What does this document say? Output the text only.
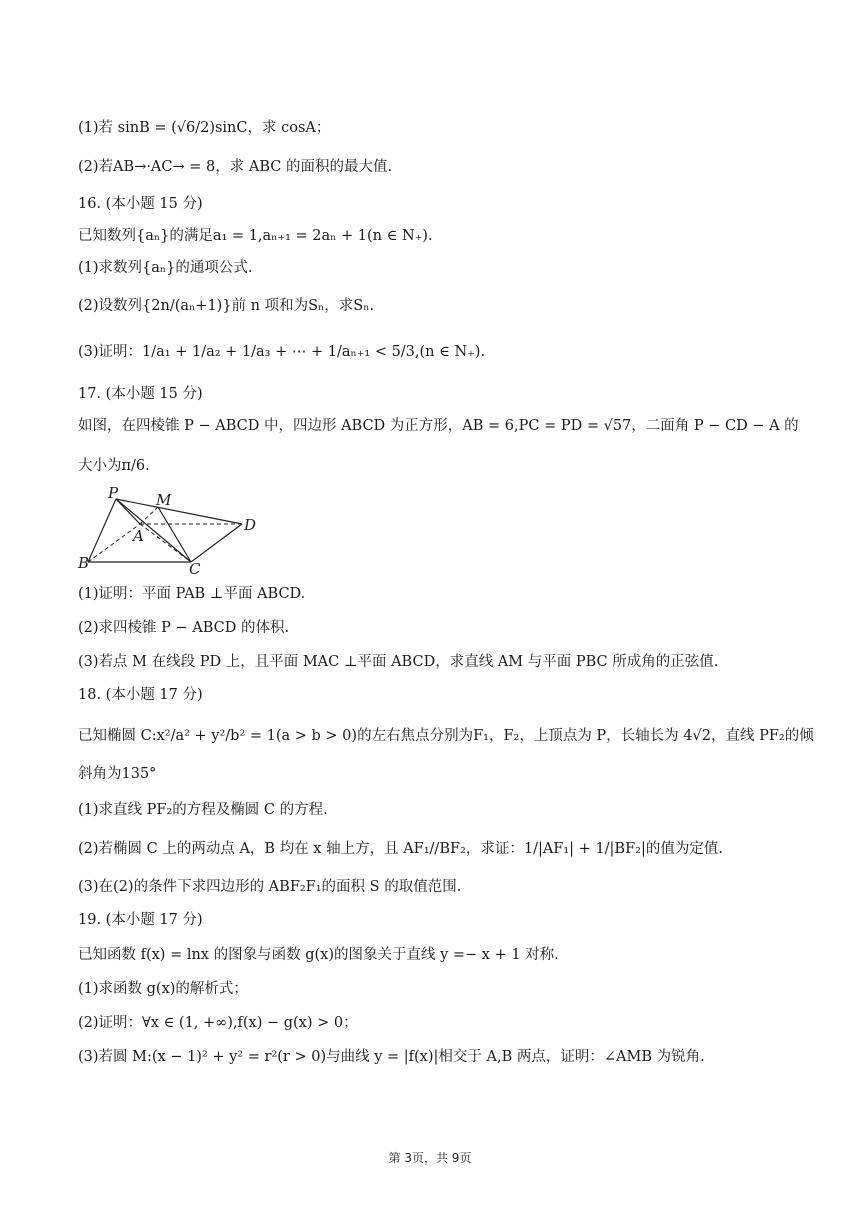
(1)若 sinB = (√6/2)sinC，求 cosA；
(2)若AB→·AC→ = 8，求 ABC 的面积的最大值.
16. (本小题 15 分)
已知数列{aₙ}的满足a₁ = 1,aₙ₊₁ = 2aₙ + 1(n ∈ N₊).
(1)求数列{aₙ}的通项公式.
(2)设数列{2n/(aₙ+1)}前 n 项和为Sₙ，求Sₙ.
(3)证明：1/a₁ + 1/a₂ + 1/a₃ + ⋯ + 1/aₙ₊₁ < 5/3,(n ∈ N₊).
17. (本小题 15 分)
如图，在四棱锥 P − ABCD 中，四边形 ABCD 为正方形，AB = 6,PC = PD = √57，二面角 P − CD − A 的
大小为π/6.
P	M
A
D
B	C
(1)证明：平面 PAB ⊥平面 ABCD.
(2)求四棱锥 P − ABCD 的体积.
(3)若点 M 在线段 PD 上，且平面 MAC ⊥平面 ABCD，求直线 AM 与平面 PBC 所成角的正弦值.
18. (本小题 17 分)
已知椭圆 C:x²/a² + y²/b² = 1(a > b > 0)的左右焦点分别为F₁，F₂，上顶点为 P，长轴长为 4√2，直线 PF₂的倾
斜角为135°
(1)求直线 PF₂的方程及椭圆 C 的方程.
(2)若椭圆 C 上的两动点 A，B 均在 x 轴上方，且 AF₁//BF₂，求证：1/|AF₁| + 1/|BF₂|的值为定值.
(3)在(2)的条件下求四边形的 ABF₂F₁的面积 S 的取值范围.
19. (本小题 17 分)
已知函数 f(x) = lnx 的图象与函数 g(x)的图象关于直线 y =− x + 1 对称.
(1)求函数 g(x)的解析式；
(2)证明：∀x ∈ (1, +∞),f(x) − g(x) > 0；
(3)若圆 M:(x − 1)² + y² = r²(r > 0)与曲线 y = |f(x)|相交于 A,B 两点，证明：∠AMB 为锐角.
第 3页，共 9页
